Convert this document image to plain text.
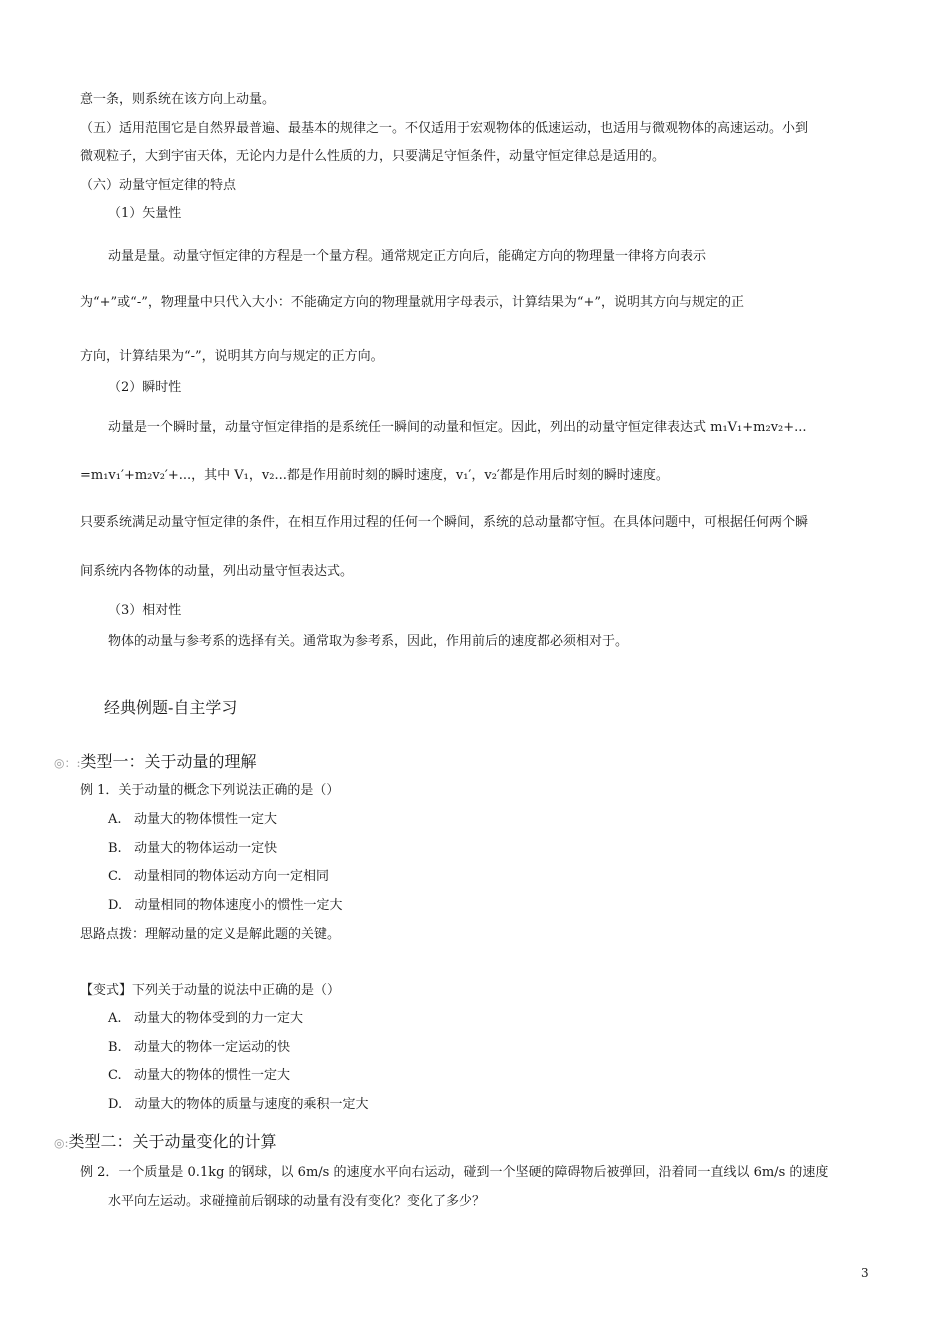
意一条，则系统在该方向上动量。
（五）适用范围它是自然界最普遍、最基本的规律之一。不仅适用于宏观物体的低速运动，也适用与微观物体的高速运动。小到
微观粒子，大到宇宙天体，无论内力是什么性质的力，只要满足守恒条件，动量守恒定律总是适用的。
（六）动量守恒定律的特点
（1）矢量性
动量是量。动量守恒定律的方程是一个量方程。通常规定正方向后，能确定方向的物理量一律将方向表示
为“+”或“-”，物理量中只代入大小：不能确定方向的物理量就用字母表示，计算结果为“+”，说明其方向与规定的正
方向，计算结果为“-”，说明其方向与规定的正方向。
（2）瞬时性
动量是一个瞬时量，动量守恒定律指的是系统任一瞬间的动量和恒定。因此，列出的动量守恒定律表达式 m₁V₁+m₂v₂+...
=m₁v₁′+m₂v₂′+...，其中 V₁，v₂...都是作用前时刻的瞬时速度，v₁′，v₂′都是作用后时刻的瞬时速度。
只要系统满足动量守恒定律的条件，在相互作用过程的任何一个瞬间，系统的总动量都守恒。在具体问题中，可根据任何两个瞬
间系统内各物体的动量，列出动量守恒表达式。
（3）相对性
物体的动量与参考系的选择有关。通常取为参考系，因此，作用前后的速度都必须相对于。
经典例题-自主学习
◎：:类型一：关于动量的理解
例 1．关于动量的概念下列说法正确的是（）
A. 动量大的物体惯性一定大
B. 动量大的物体运动一定快
C. 动量相同的物体运动方向一定相同
D. 动量相同的物体速度小的惯性一定大
思路点拨：理解动量的定义是解此题的关键。
【变式】下列关于动量的说法中正确的是（）
A. 动量大的物体受到的力一定大
B. 动量大的物体一定运动的快
C. 动量大的物体的惯性一定大
D. 动量大的物体的质量与速度的乘积一定大
◎:类型二：关于动量变化的计算
例 2．一个质量是 0.1kg 的钢球，以 6m/s 的速度水平向右运动，碰到一个坚硬的障碍物后被弹回，沿着同一直线以 6m/s 的速度
水平向左运动。求碰撞前后钢球的动量有没有变化？变化了多少？
3
